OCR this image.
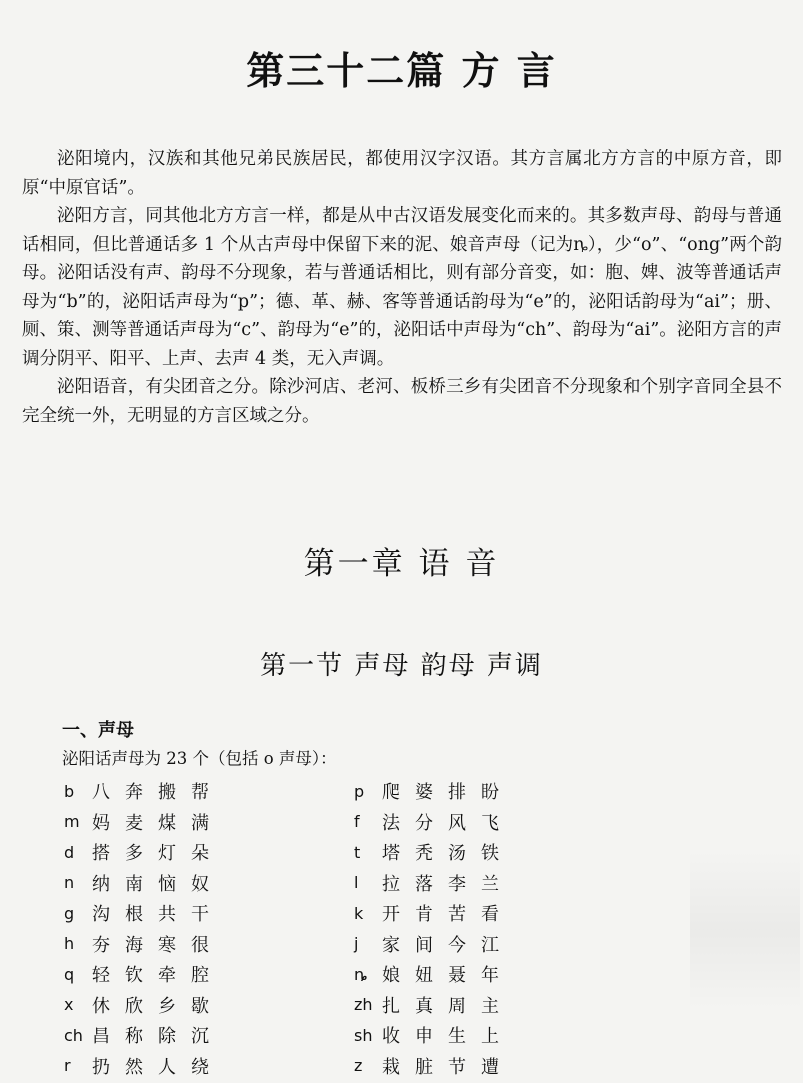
第三十二篇 方 言

泌阳境内，汉族和其他兄弟民族居民，都使用汉字汉语。其方言属北方方言的中原方音，即原“中原官话”。

泌阳方言，同其他北方方言一样，都是从中古汉语发展变化而来的。其多数声母、韵母与普通话相同，但比普通话多 1 个从古声母中保留下来的泥、娘音声母（记为ȵ），少“o”、“ong”两个韵母。泌阳话没有声、韵母不分现象，若与普通话相比，则有部分音变，如：胞、婢、波等普通话声母为“b”的，泌阳话声母为“p”；德、革、赫、客等普通话韵母为“e”的，泌阳话韵母为“ai”；册、厕、策、测等普通话声母为“c”、韵母为“e”的，泌阳话中声母为“ch”、韵母为“ai”。泌阳方言的声调分阴平、阳平、上声、去声 4 类，无入声调。

泌阳语音，有尖团音之分。除沙河店、老河、板桥三乡有尖团音不分现象和个别字音同全县不完全统一外，无明显的方言区域之分。

第一章 语 音
第一节 声母 韵母 声调
一、声母
泌阳话声母为 23 个（包括 o 声母）：
b 八奔搬帮	p 爬婆排盼
m 妈麦煤满	f	法分风飞
d 搭多灯朵	t	塔秃汤铁
n 纳南恼奴	l	拉落李兰
g 沟根共干	k	开肯苦看
h 夯海寒很	j	家间今江
q 轻钦牵腔	ȵ 娘妞聂年
x	休欣乡歇	zh 扎真周主
ch 昌称除沉	sh 收申生上
r	扔然人绕	z	栽脏节遭
